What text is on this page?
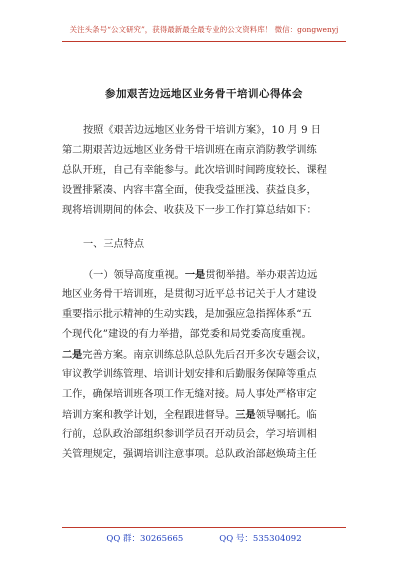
关注头条号“公文研究”，获得最新最全最专业的公文资料库！ 微信：gongwenyj
参加艰苦边远地区业务骨干培训心得体会
按照《艰苦边远地区业务骨干培训方案》，10 月 9 日
第二期艰苦边远地区业务骨干培训班在南京消防教学训练
总队开班，自己有幸能参与。此次培训时间跨度较长、课程
设置排紧凑、内容丰富全面，使我受益匪浅、获益良多，
现将培训期间的体会、收获及下一步工作打算总结如下：
一、三点特点
（一）领导高度重视。一是贯彻举措。举办艰苦边远
地区业务骨干培训班，是贯彻习近平总书记关于人才建设
重要指示批示精神的生动实践，是加强应急指挥体系“五
个现代化”建设的有力举措，部党委和局党委高度重视。
二是完善方案。南京训练总队总队先后召开多次专题会议，
审议教学训练管理、培训计划安排和后勤服务保障等重点
工作，确保培训班各项工作无缝对接。局人事处严格审定
培训方案和教学计划，全程跟进督导。三是领导嘱托。临
行前，总队政治部组织参训学员召开动员会，学习培训相
关管理规定，强调培训注意事项。总队政治部赵焕琦主任
QQ 群：30265665	QQ 号：535304092
